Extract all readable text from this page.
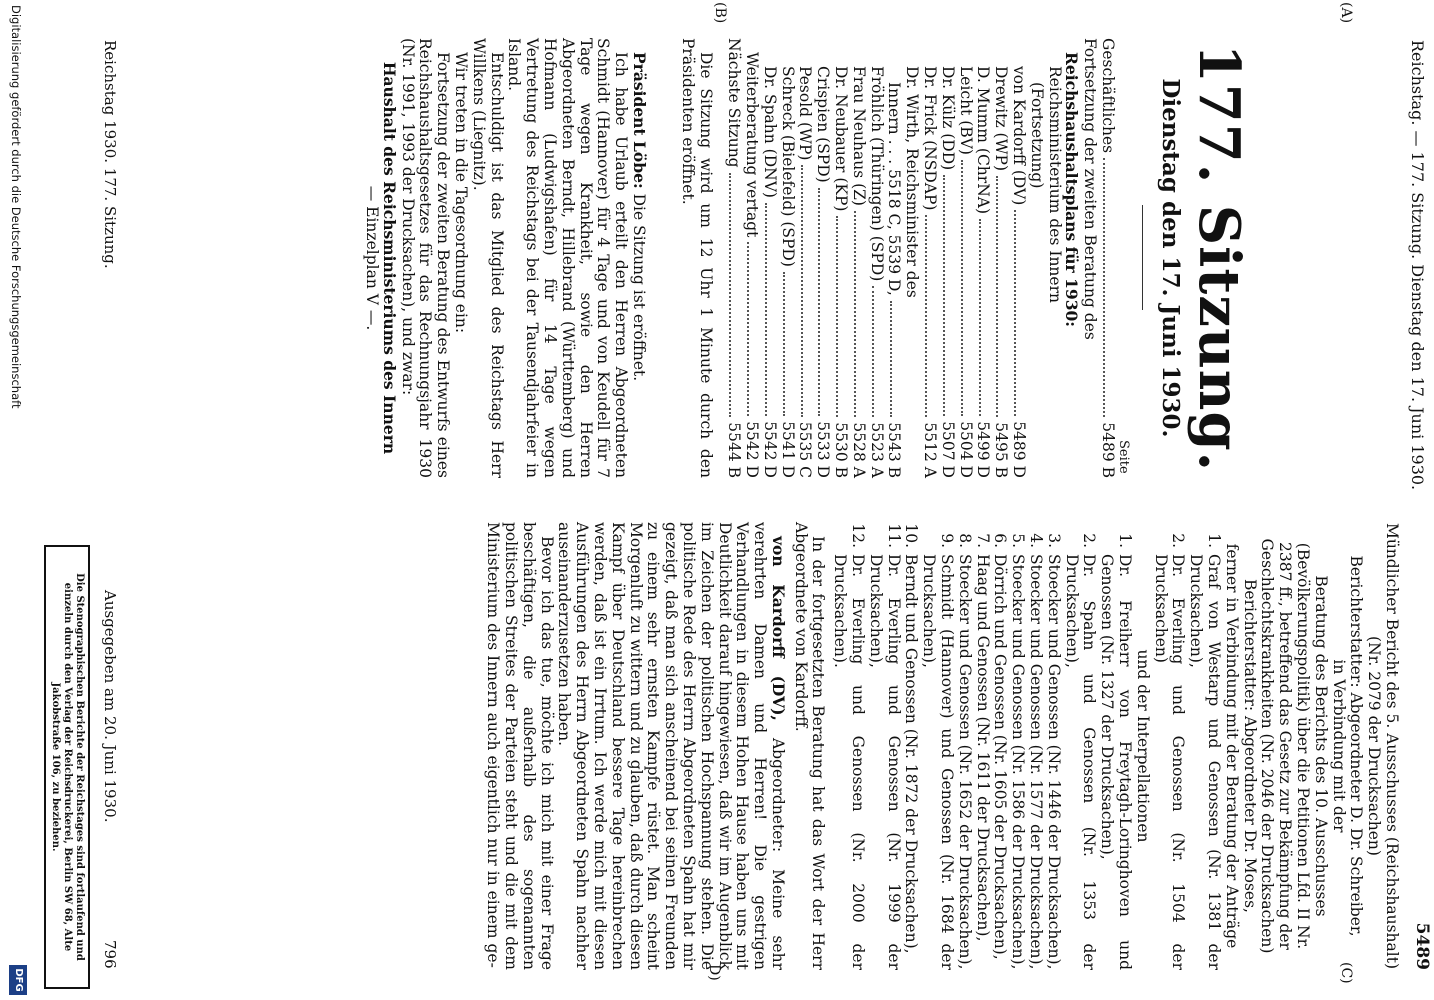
Reichstag. — 177. Sitzung. Dienstag den 17. Juni 1930.
5489
(A)
(B)
(C)
D)
177. Sitzung.
Dienstag den 17. Juni 1930.
Seite
Geschäftliches
5489 B
Fortsetzung der zweiten Beratung des
Reichshaushaltsplans für 1930:
Reichsministerium des Innern
(Fortsetzung)
von Kardorff (DV)
5489 D
Drewitz (WP)
5495 B
D. Mumm (ChrNA)
5499 D
Leicht (BV)
5504 D
Dr. Külz (DD)
5507 D
Dr. Frick (NSDAP)
5512 A
Dr. Wirth, Reichsminister des
Innern . . . 5518 C, 5539 D,
5543 B
Fröhlich (Thüringen) (SPD)
5523 A
Frau Neuhaus (Z)
5528 A
Dr. Neubauer (KP)
5530 B
Crispien (SPD)
5533 D
Pesold (WP)
5535 C
Schreck (Bielefeld) (SPD)
5541 D
Dr. Spahn (DNV)
5542 D
Weiterberatung vertagt
5542 D
Nächste Sitzung
5544 B

Die Sitzung wird um 12 Uhr 1 Minute durch den Präsidenten eröffnet.

Präsident Löbe: Die Sitzung ist eröffnet.

Ich habe Urlaub erteilt den Herren Abgeordneten Schmidt (Hannover) für 4 Tage und von Keudell für 7 Tage wegen Krankheit, sowie den Herren Abgeordneten Berndt, Hillebrand (Württemberg) und Hofmann (Ludwigshafen) für 14 Tage wegen Vertretung des Reichstags bei der Tausendjahrfeier in Island.

Entschuldigt ist das Mitglied des Reichstags Herr Willkens (Liegnitz).

Wir treten in die Tagesordnung ein:

Fortsetzung der zweiten Beratung des Entwurfs eines Reichshaushaltsgesetzes für das Rechnungsjahr 1930 (Nr. 1991, 1993 der Drucksachen), und zwar:

Haushalt des Reichsministeriums des Innern

— Einzelplan V —.

Mündlicher Bericht des 5. Ausschusses (Reichshaushalt) (Nr. 2079 der Drucksachen)

Berichterstatter: Abgeordneter D. Dr. Schreiber,

in Verbindung mit der

Beratung des Berichts des 10. Ausschusses (Bevölkerungspolitik) über die Petitionen Lfd. II Nr. 2387 ff., betreffend das Gesetz zur Bekämpfung der Geschlechtskrankheiten (Nr. 2046 der Drucksachen)

Berichterstatter: Abgeordneter Dr. Moses,

ferner in Verbindung mit der Beratung der Anträge

1.
Graf von Westarp und Genossen (Nr. 1381 der Drucksachen),
2.
Dr. Everling und Genossen (Nr. 1504 der Drucksachen)

und der Interpellationen

1.
Dr. Freiherr von Freytagh-Loringhoven und Genossen (Nr. 1327 der Drucksachen),
2.
Dr. Spahn und Genossen (Nr. 1353 der Drucksachen),
3.
Stoecker und Genossen (Nr. 1446 der Drucksachen),
4.
Stoecker und Genossen (Nr. 1577 der Drucksachen),
5.
Stoecker und Genossen (Nr. 1586 der Drucksachen),
6.
Dörrich und Genossen (Nr. 1605 der Drucksachen),
7.
Haag und Genossen (Nr. 1611 der Drucksachen),
8.
Stoecker und Genossen (Nr. 1652 der Drucksachen),
9.
Schmidt (Hannover) und Genossen (Nr. 1684 der Drucksachen),
10.
Berndt und Genossen (Nr. 1872 der Drucksachen),
11.
Dr. Everling und Genossen (Nr. 1999 der Drucksachen),
12.
Dr. Everling und Genossen (Nr. 2000 der Drucksachen).

In der fortgesetzten Beratung hat das Wort der Herr Abgeordnete von Kardorff.

von Kardorff (DV), Abgeordneter: Meine sehr verehrten Damen und Herren! Die gestrigen Verhandlungen in diesem Hohen Hause haben uns mit Deutlichkeit darauf hingewiesen, daß wir im Augenblick im Zeichen der politischen Hochspannung stehen. Die politische Rede des Herrn Abgeordneten Spahn hat mir gezeigt, daß man sich anscheinend bei seinen Freunden zu einem sehr ernsten Kampfe rüstet. Man scheint Morgenluft zu wittern und zu glauben, daß durch diesen Kampf über Deutschland bessere Tage hereinbrechen werden, daß ist ein Irrtum. Ich werde mich mit diesen Ausführungen des Herrn Abgeordneten Spahn nachher auseinanderzusetzen haben.

Bevor ich das tue, möchte ich mich mit einer Frage beschäftigen, die außerhalb des sogenannten politischen Streites der Parteien steht und die mit dem Ministerium des Innern auch eigentlich nur in einem ge-

Reichstag 1930. 177. Sitzung.
Ausgegeben am 20. Juni 1930.
796
Die Stenographischen Berichte der Reichstages sind fortlaufend und einzeln durch den Verlag der Reichsdruckerei, Berlin SW 68, Alte Jakobstraße 106, zu beziehen.
Digitalisierung gefördert durch die Deutsche Forschungsgemeinschaft
DFG
